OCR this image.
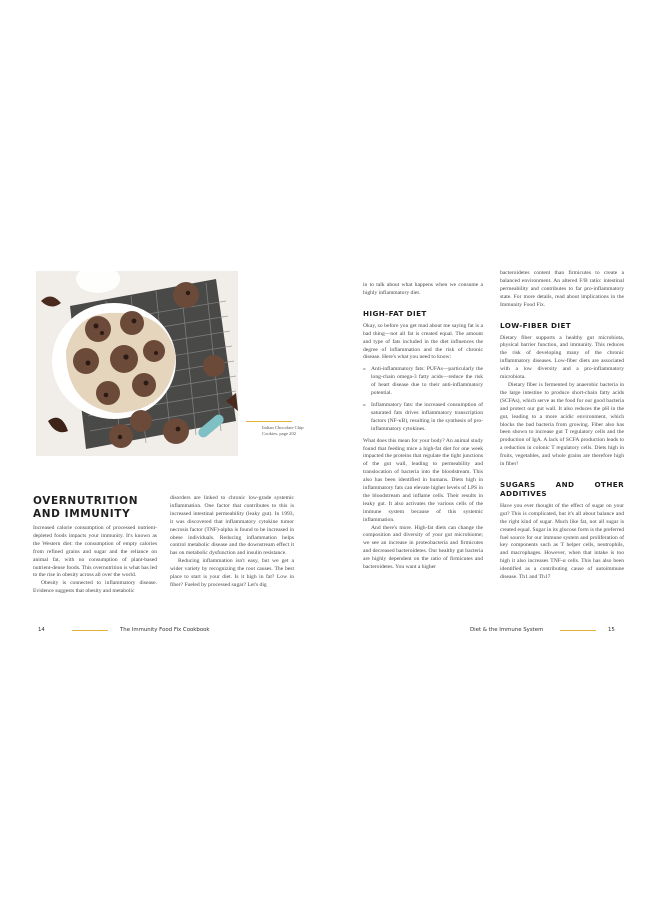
Italian Chocolate Chip Cookies, page 202
OVERNUTRITION AND IMMUNITY

Increased calorie consumption of processed nutrient-depleted foods impacts your immunity. It's known as the Western diet: the consumption of empty calories from refined grains and sugar and the reliance on animal fat, with no consumption of plant-based nutrient-dense foods. This overnutrition is what has led to the rise in obesity across all over the world.

Obesity is connected to inflammatory disease. Evidence suggests that obesity and metabolic

disorders are linked to chronic low-grade systemic inflammation. One factor that contributes to this is increased intestinal permeability (leaky gut). In 1993, it was discovered that inflammatory cytokine tumor necrosis factor (TNF)-alpha is found to be increased in obese individuals. Reducing inflammation helps control metabolic disease and the downstream effect it has on metabolic dysfunction and insulin resistance.

Reducing inflammation isn't easy, but we get a wider variety by recognizing the root causes. The best place to start is your diet. Is it high in fat? Low in fiber? Fueled by processed sugar? Let's dig

14	The Immunity Food Fix Cookbook

in to talk about what happens when we consume a highly inflammatory diet.

HIGH-FAT DIET

Okay, so before you get mad about me saying fat is a bad thing—not all fat is created equal. The amount and type of fats included in the diet influences the degree of inflammation and the risk of chronic disease. Here's what you need to know:

» Anti-inflammatory fats: PUFAs—particularly the long-chain omega-3 fatty acids—reduce the risk of heart disease due to their anti-inflammatory potential.
» Inflammatory fats: the increased consumption of saturated fats drives inflammatory transcription factors (NF-κB), resulting in the synthesis of pro-inflammatory cytokines.

What does this mean for your body? An animal study found that feeding mice a high-fat diet for one week impacted the proteins that regulate the tight junctions of the gut wall, leading to permeability and translocation of bacteria into the bloodstream. This also has been identified in humans. Diets high in inflammatory fats can elevate higher levels of LPS in the bloodstream and inflame cells. Their results in leaky gut. It also activates the various cells of the immune system because of this systemic inflammation.

And there's more. High-fat diets can change the composition and diversity of your gut microbiome; we see an increase in proteobacteria and firmicutes and decreased bacteroidetes. Our healthy gut bacteria are highly dependent on the ratio of firmicutes and bacteroidetes. You want a higher

bacteroidetes content than firmicutes to create a balanced environment. An altered F/B ratio: intestinal permeability and contributes to far pro-inflammatory state. For more details, read about implications in the Immunity Food Fix.

LOW-FIBER DIET

Dietary fiber supports a healthy gut microbiota, physical barrier function, and immunity. This reduces the risk of developing many of the chronic inflammatory diseases. Low-fiber diets are associated with a low diversity and a pro-inflammatory microbiota.

Dietary fiber is fermented by anaerobic bacteria in the large intestine to produce short-chain fatty acids (SCFAs), which serve as the food for our good bacteria and protect our gut wall. It also reduces the pH in the gut, leading to a more acidic environment, which blocks the bad bacteria from growing. Fiber also has been shown to increase gut T regulatory cells and the production of IgA. A lack of SCFA production leads to a reduction in colonic T regulatory cells. Diets high in fruits, vegetables, and whole grains are therefore high in fiber!

SUGARS AND OTHER ADDITIVES

Have you ever thought of the effect of sugar on your gut? This is complicated, but it's all about balance and the right kind of sugar. Much like fat, not all sugar is created equal. Sugar in its glucose form is the preferred fuel source for our immune system and proliferation of key components such as T helper cells, neutrophils, and macrophages. However, when that intake is too high it also increases TNF-α cells. This has also been identified as a contributing cause of autoimmune disease. Th1 and Th17

Diet & the Immune System	15
